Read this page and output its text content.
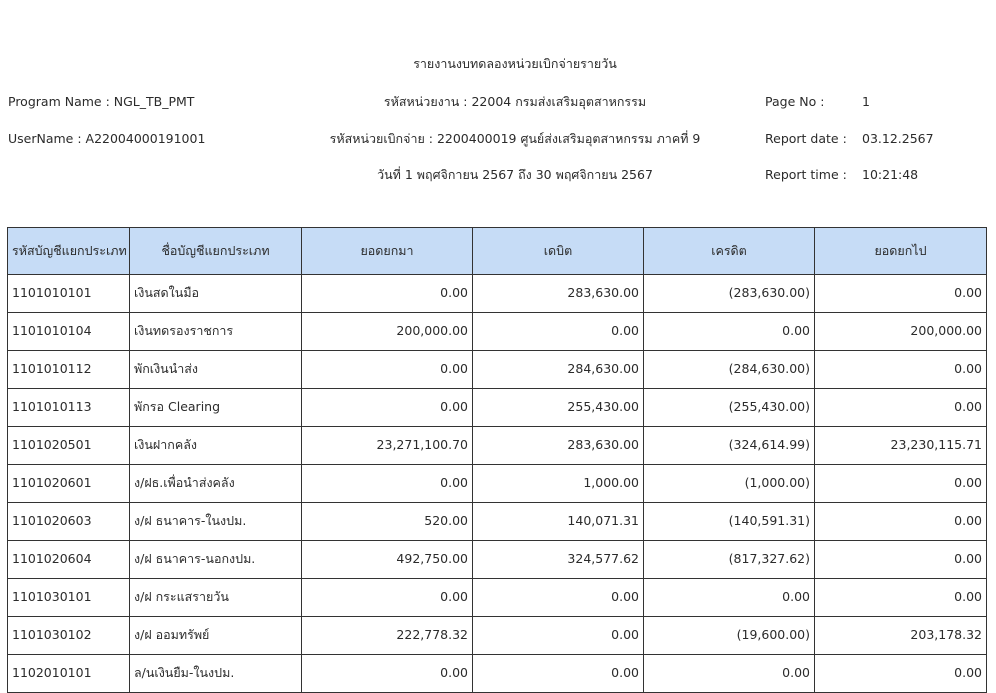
รายงานงบทดลองหน่วยเบิกจ่ายรายวัน
Program Name : NGL_TB_PMT	รหัสหน่วยงาน : 22004 กรมส่งเสริมอุตสาหกรรม	Page No :	1
UserName : A22004000191001	รหัสหน่วยเบิกจ่าย : 2200400019 ศูนย์ส่งเสริมอุตสาหกรรม ภาคที่ 9	Report date : 03.12.2567
วันที่ 1 พฤศจิกายน 2567 ถึง 30 พฤศจิกายน 2567	Report time : 10:21:48
รหัสบัญชีแยกประเภท	ชื่อบัญชีแยกประเภท	ยอดยกมา	เดบิต	เครดิต	ยอดยกไป
1101010101	เงินสดในมือ	0.00	283,630.00	(283,630.00)	0.00
1101010104	เงินทดรองราชการ	200,000.00	0.00	0.00	200,000.00
1101010112	พักเงินนำส่ง	0.00	284,630.00	(284,630.00)	0.00
1101010113	พักรอ Clearing	0.00	255,430.00	(255,430.00)	0.00
1101020501	เงินฝากคลัง	23,271,100.70	283,630.00	(324,614.99)	23,230,115.71
1101020601	ง/ฝธ.เพื่อนำส่งคลัง	0.00	1,000.00	(1,000.00)	0.00
1101020603	ง/ฝ ธนาคาร-ในงปม.	520.00	140,071.31	(140,591.31)	0.00
1101020604	ง/ฝ ธนาคาร-นอกงปม.	492,750.00	324,577.62	(817,327.62)	0.00
1101030101	ง/ฝ กระแสรายวัน	0.00	0.00	0.00	0.00
1101030102	ง/ฝ ออมทรัพย์	222,778.32	0.00	(19,600.00)	203,178.32
1102010101	ล/นเงินยืม-ในงปม.	0.00	0.00	0.00	0.00
